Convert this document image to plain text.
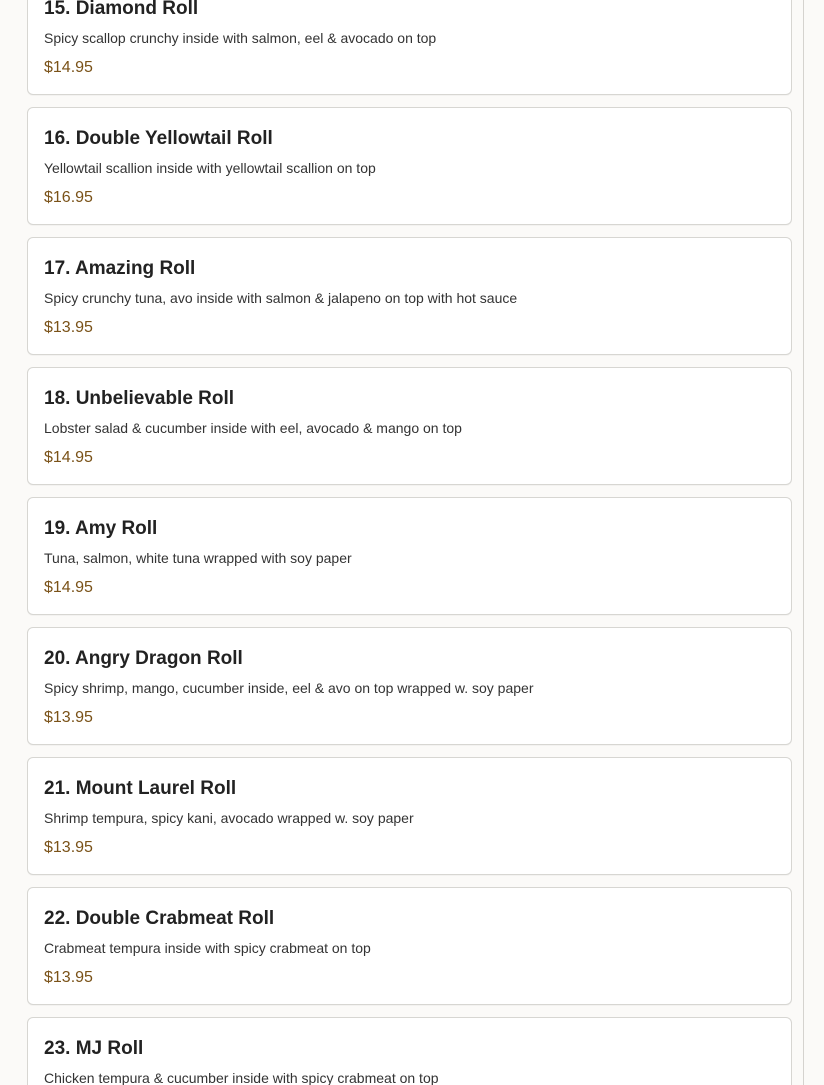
15. Diamond Roll
Spicy scallop crunchy inside with salmon, eel & avocado on top
$14.95
16. Double Yellowtail Roll
Yellowtail scallion inside with yellowtail scallion on top
$16.95
17. Amazing Roll
Spicy crunchy tuna, avo inside with salmon & jalapeno on top with hot sauce
$13.95
18. Unbelievable Roll
Lobster salad & cucumber inside with eel, avocado & mango on top
$14.95
19. Amy Roll
Tuna, salmon, white tuna wrapped with soy paper
$14.95
20. Angry Dragon Roll
Spicy shrimp, mango, cucumber inside, eel & avo on top wrapped w. soy paper
$13.95
21. Mount Laurel Roll
Shrimp tempura, spicy kani, avocado wrapped w. soy paper
$13.95
22. Double Crabmeat Roll
Crabmeat tempura inside with spicy crabmeat on top
$13.95
23. MJ Roll
Chicken tempura & cucumber inside with spicy crabmeat on top
